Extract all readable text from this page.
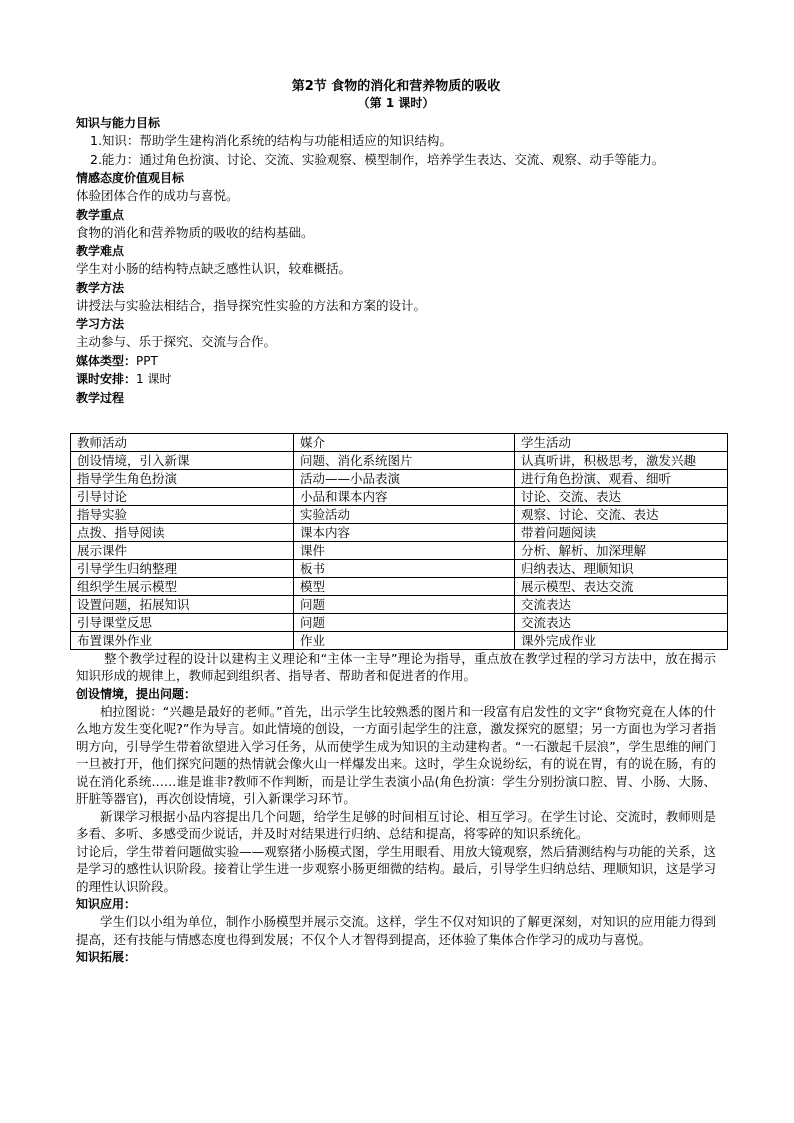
第2节 食物的消化和营养物质的吸收
（第 1 课时）
知识与能力目标
1.知识：帮助学生建构消化系统的结构与功能相适应的知识结构。
2.能力：通过角色扮演、讨论、交流、实验观察、模型制作，培养学生表达、交流、观察、动手等能力。
情感态度价值观目标
体验团体合作的成功与喜悦。
教学重点
食物的消化和营养物质的吸收的结构基础。
教学难点
学生对小肠的结构特点缺乏感性认识，较难概括。
教学方法
讲授法与实验法相结合，指导探究性实验的方法和方案的设计。
学习方法
主动参与、乐于探究、交流与合作。
媒体类型：PPT
课时安排：1 课时
教学过程
教师活动	媒介	学生活动
创设情境，引入新课	问题、消化系统图片	认真听讲，积极思考，激发兴趣
指导学生角色扮演	活动——小品表演	进行角色扮演、观看、细听
引导讨论	小品和课本内容	讨论、交流、表达
指导实验	实验活动	观察、讨论、交流、表达
点拨、指导阅读	课本内容	带着问题阅读
展示课件	课件	分析、解析、加深理解
引导学生归纳整理	板书	归纳表达、理顺知识
组织学生展示模型	模型	展示模型、表达交流
设置问题，拓展知识	问题	交流表达
引导课堂反思	问题	交流表达
布置课外作业	作业	课外完成作业

整个教学过程的设计以建构主义理论和“主体一主导”理论为指导，重点放在教学过程的学习方法中，放在揭示知识形成的规律上，教师起到组织者、指导者、帮助者和促进者的作用。

创设情境，提出问题：

柏拉图说：“兴趣是最好的老师。”首先，出示学生比较熟悉的图片和一段富有启发性的文字“食物究竟在人体的什么地方发生变化呢?”作为导言。如此情境的创设，一方面引起学生的注意，激发探究的愿望；另一方面也为学习者指明方向，引导学生带着欲望进入学习任务，从而使学生成为知识的主动建构者。“一石激起千层浪”，学生思维的闸门一旦被打开，他们探究问题的热情就会像火山一样爆发出来。这时，学生众说纷纭，有的说在胃，有的说在肠，有的说在消化系统……谁是谁非?教师不作判断，而是让学生表演小品(角色扮演：学生分别扮演口腔、胃、小肠、大肠、肝脏等器官)，再次创设情境，引入新课学习环节。

新课学习根据小品内容提出几个问题，给学生足够的时间相互讨论、相互学习。在学生讨论、交流时，教师则是多看、多听、多感受而少说话，并及时对结果进行归纳、总结和提高，将零碎的知识系统化。

讨论后，学生带着问题做实验——观察猪小肠模式图，学生用眼看、用放大镜观察，然后猜测结构与功能的关系，这是学习的感性认识阶段。接着让学生进一步观察小肠更细微的结构。最后，引导学生归纳总结、理顺知识，这是学习的理性认识阶段。

知识应用：

学生们以小组为单位，制作小肠模型并展示交流。这样，学生不仅对知识的了解更深刻，对知识的应用能力得到提高，还有技能与情感态度也得到发展；不仅个人才智得到提高，还体验了集体合作学习的成功与喜悦。

知识拓展：
